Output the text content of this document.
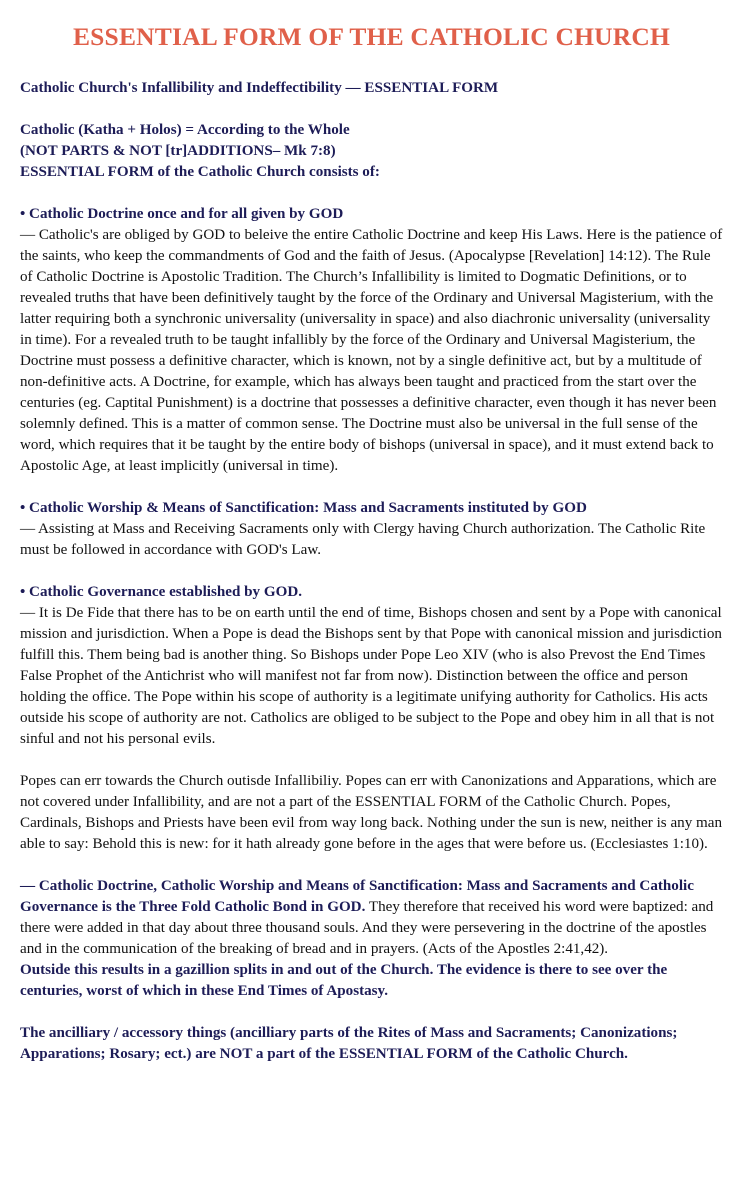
ESSENTIAL FORM OF THE CATHOLIC CHURCH

Catholic Church's Infallibility and Indeffectibility — ESSENTIAL FORM

Catholic (Katha + Holos) = According to the Whole

(NOT PARTS & NOT [tr]ADDITIONS– Mk 7:8)

ESSENTIAL FORM of the Catholic Church consists of:

• Catholic Doctrine once and for all given by GOD

— Catholic's are obliged by GOD to beleive the entire Catholic Doctrine and keep His Laws. Here is the patience of the saints, who keep the commandments of God and the faith of Jesus. (Apocalypse [Revelation] 14:12). The Rule of Catholic Doctrine is Apostolic Tradition. The Church’s Infallibility is limited to Dogmatic Definitions, or to revealed truths that have been definitively taught by the force of the Ordinary and Universal Magisterium, with the latter requiring both a synchronic universality (universality in space) and also diachronic universality (universality in time). For a revealed truth to be taught infallibly by the force of the Ordinary and Universal Magisterium, the Doctrine must possess a definitive character, which is known, not by a single definitive act, but by a multitude of non-definitive acts. A Doctrine, for example, which has always been taught and practiced from the start over the centuries (eg. Captital Punishment) is a doctrine that possesses a definitive character, even though it has never been solemnly defined. This is a matter of common sense. The Doctrine must also be universal in the full sense of the word, which requires that it be taught by the entire body of bishops (universal in space), and it must extend back to Apostolic Age, at least implicitly (universal in time).

• Catholic Worship & Means of Sanctification: Mass and Sacraments instituted by GOD

— Assisting at Mass and Receiving Sacraments only with Clergy having Church authorization. The Catholic Rite must be followed in accordance with GOD's Law.

• Catholic Governance established by GOD.

— It is De Fide that there has to be on earth until the end of time, Bishops chosen and sent by a Pope with canonical mission and jurisdiction. When a Pope is dead the Bishops sent by that Pope with canonical mission and jurisdiction fulfill this. Them being bad is another thing. So Bishops under Pope Leo XIV (who is also Prevost the End Times False Prophet of the Antichrist who will manifest not far from now). Distinction between the office and person holding the office. The Pope within his scope of authority is a legitimate unifying authority for Catholics. His acts outside his scope of authority are not. Catholics are obliged to be subject to the Pope and obey him in all that is not sinful and not his personal evils.

Popes can err towards the Church outisde Infallibiliy. Popes can err with Canonizations and Apparations, which are not covered under Infallibility, and are not a part of the ESSENTIAL FORM of the Catholic Church. Popes, Cardinals, Bishops and Priests have been evil from way long back. Nothing under the sun is new, neither is any man able to say: Behold this is new: for it hath already gone before in the ages that were before us. (Ecclesiastes 1:10).

— Catholic Doctrine, Catholic Worship and Means of Sanctification: Mass and Sacraments and Catholic Governance is the Three Fold Catholic Bond in GOD. They therefore that received his word were baptized: and there were added in that day about three thousand souls. And they were persevering in the doctrine of the apostles and in the communication of the breaking of bread and in prayers. (Acts of the Apostles 2:41,42).

Outside this results in a gazillion splits in and out of the Church. The evidence is there to see over the centuries, worst of which in these End Times of Apostasy.

The ancilliary / accessory things (ancilliary parts of the Rites of Mass and Sacraments; Canonizations; Apparations; Rosary; ect.) are NOT a part of the ESSENTIAL FORM of the Catholic Church.
